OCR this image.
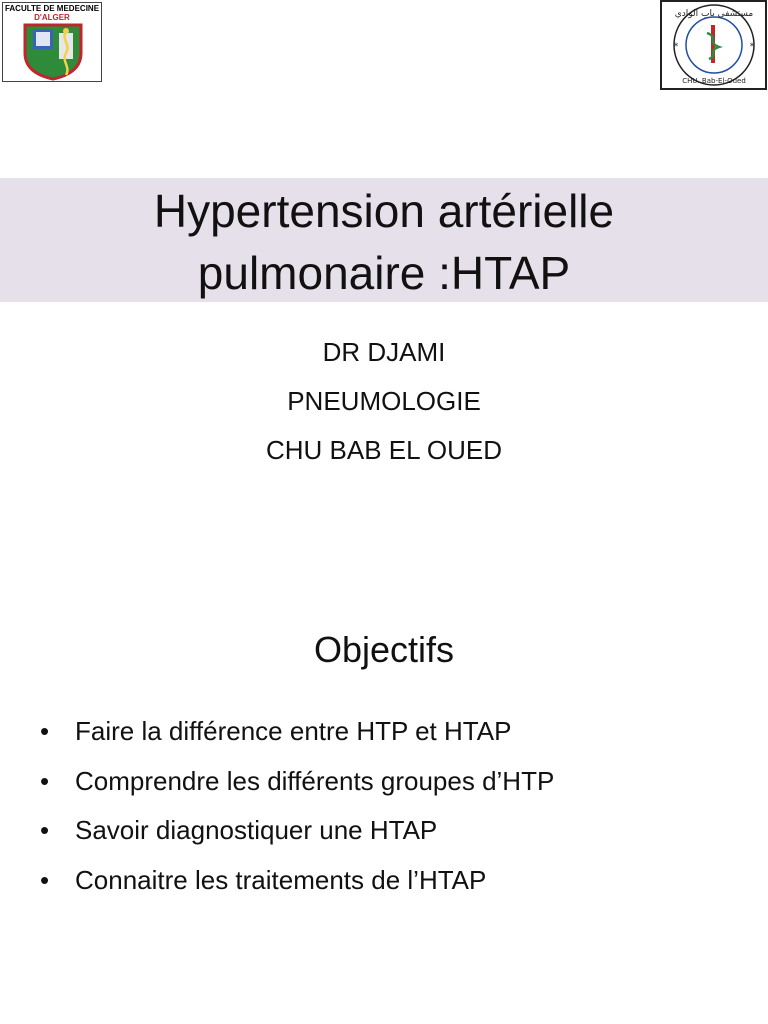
FACULTE DE MEDECINE
D'ALGER	مستشفى باب الوادي
CHU. Bab-El-Oued
*	*
Hypertension artérielle
pulmonaire :HTAP
DR DJAMI
PNEUMOLOGIE
CHU BAB EL OUED
Objectifs
• Faire la différence entre HTP et HTAP
• Comprendre les différents groupes d’HTP
• Savoir diagnostiquer une HTAP
• Connaitre les traitements de l’HTAP
